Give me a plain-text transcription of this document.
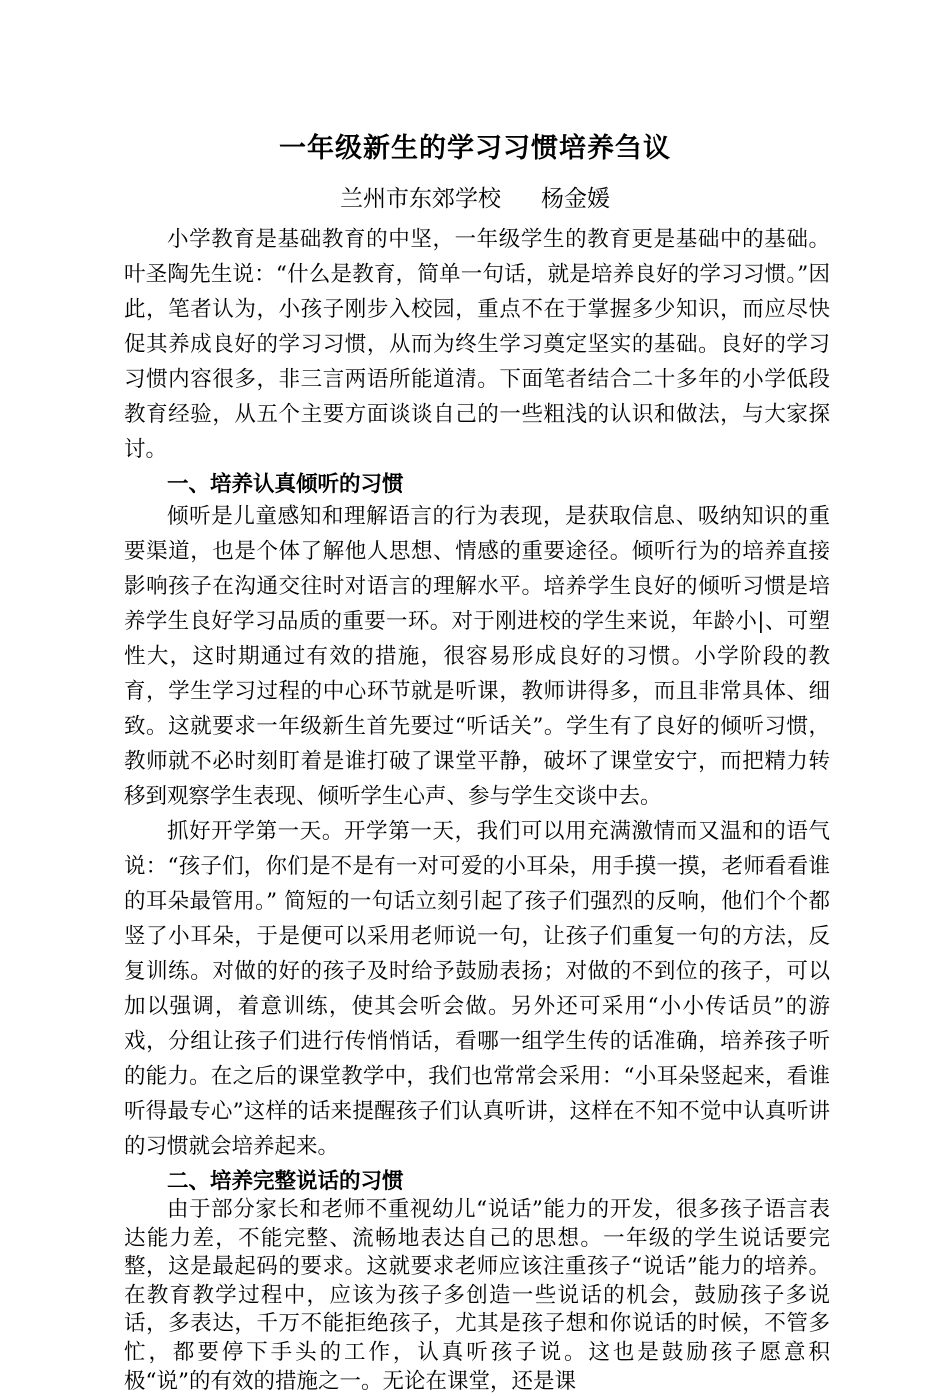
一年级新生的学习习惯培养刍议

兰州市东郊学校 杨金媛

小学教育是基础教育的中坚，一年级学生的教育更是基础中的基础。叶圣陶先生说：“什么是教育，简单一句话，就是培养良好的学习习惯。”因此，笔者认为，小孩子刚步入校园，重点不在于掌握多少知识，而应尽快促其养成良好的学习习惯，从而为终生学习奠定坚实的基础。良好的学习习惯内容很多，非三言两语所能道清。下面笔者结合二十多年的小学低段教育经验，从五个主要方面谈谈自己的一些粗浅的认识和做法，与大家探讨。

一、培养认真倾听的习惯

倾听是儿童感知和理解语言的行为表现，是获取信息、吸纳知识的重要渠道，也是个体了解他人思想、情感的重要途径。倾听行为的培养直接影响孩子在沟通交往时对语言的理解水平。培养学生良好的倾听习惯是培养学生良好学习品质的重要一环。对于刚进校的学生来说，年龄小|、可塑性大，这时期通过有效的措施，很容易形成良好的习惯。小学阶段的教育，学生学习过程的中心环节就是听课，教师讲得多，而且非常具体、细致。这就要求一年级新生首先要过“听话关”。学生有了良好的倾听习惯，教师就不必时刻盯着是谁打破了课堂平静，破坏了课堂安宁，而把精力转移到观察学生表现、倾听学生心声、参与学生交谈中去。

抓好开学第一天。开学第一天，我们可以用充满激情而又温和的语气说：“孩子们，你们是不是有一对可爱的小耳朵，用手摸一摸，老师看看谁的耳朵最管用。” 简短的一句话立刻引起了孩子们强烈的反响，他们个个都竖了小耳朵，于是便可以采用老师说一句，让孩子们重复一句的方法，反复训练。对做的好的孩子及时给予鼓励表扬；对做的不到位的孩子，可以加以强调，着意训练，使其会听会做。另外还可采用“小小传话员”的游戏，分组让孩子们进行传悄悄话，看哪一组学生传的话准确，培养孩子听的能力。在之后的课堂教学中，我们也常常会采用：“小耳朵竖起来，看谁听得最专心”这样的话来提醒孩子们认真听讲，这样在不知不觉中认真听讲的习惯就会培养起来。

二、培养完整说话的习惯

由于部分家长和老师不重视幼儿“说话”能力的开发，很多孩子语言表达能力差，不能完整、流畅地表达自己的思想。一年级的学生说话要完整，这是最起码的要求。这就要求老师应该注重孩子“说话”能力的培养。在教育教学过程中，应该为孩子多创造一些说话的机会，鼓励孩子多说话，多表达，千万不能拒绝孩子，尤其是孩子想和你说话的时候，不管多忙，都要停下手头的工作，认真听孩子说。这也是鼓励孩子愿意积极“说”的有效的措施之一。无论在课堂，还是课
